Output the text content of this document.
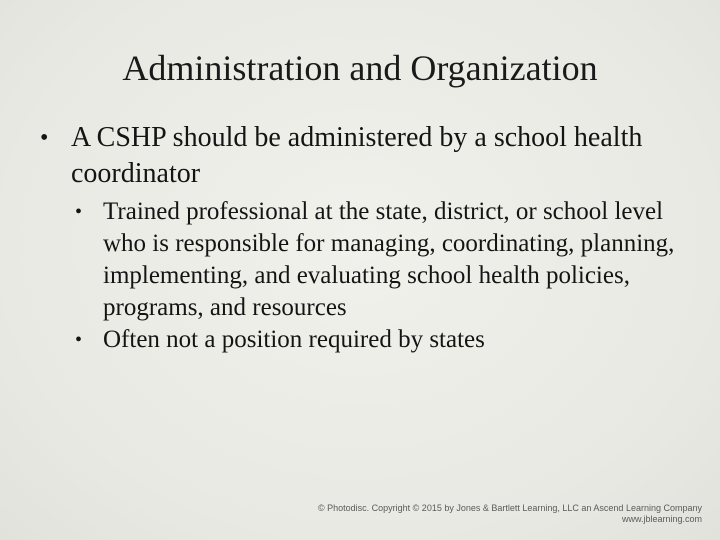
Administration and Organization
• A CSHP should be administered by a school health coordinator
• Trained professional at the state, district, or school level who is responsible for managing, coordinating, planning, implementing, and evaluating school health policies, programs, and resources
• Often not a position required by states
© Photodisc. Copyright © 2015 by Jones & Bartlett Learning, LLC an Ascend Learning Company
www.jblearning.com
